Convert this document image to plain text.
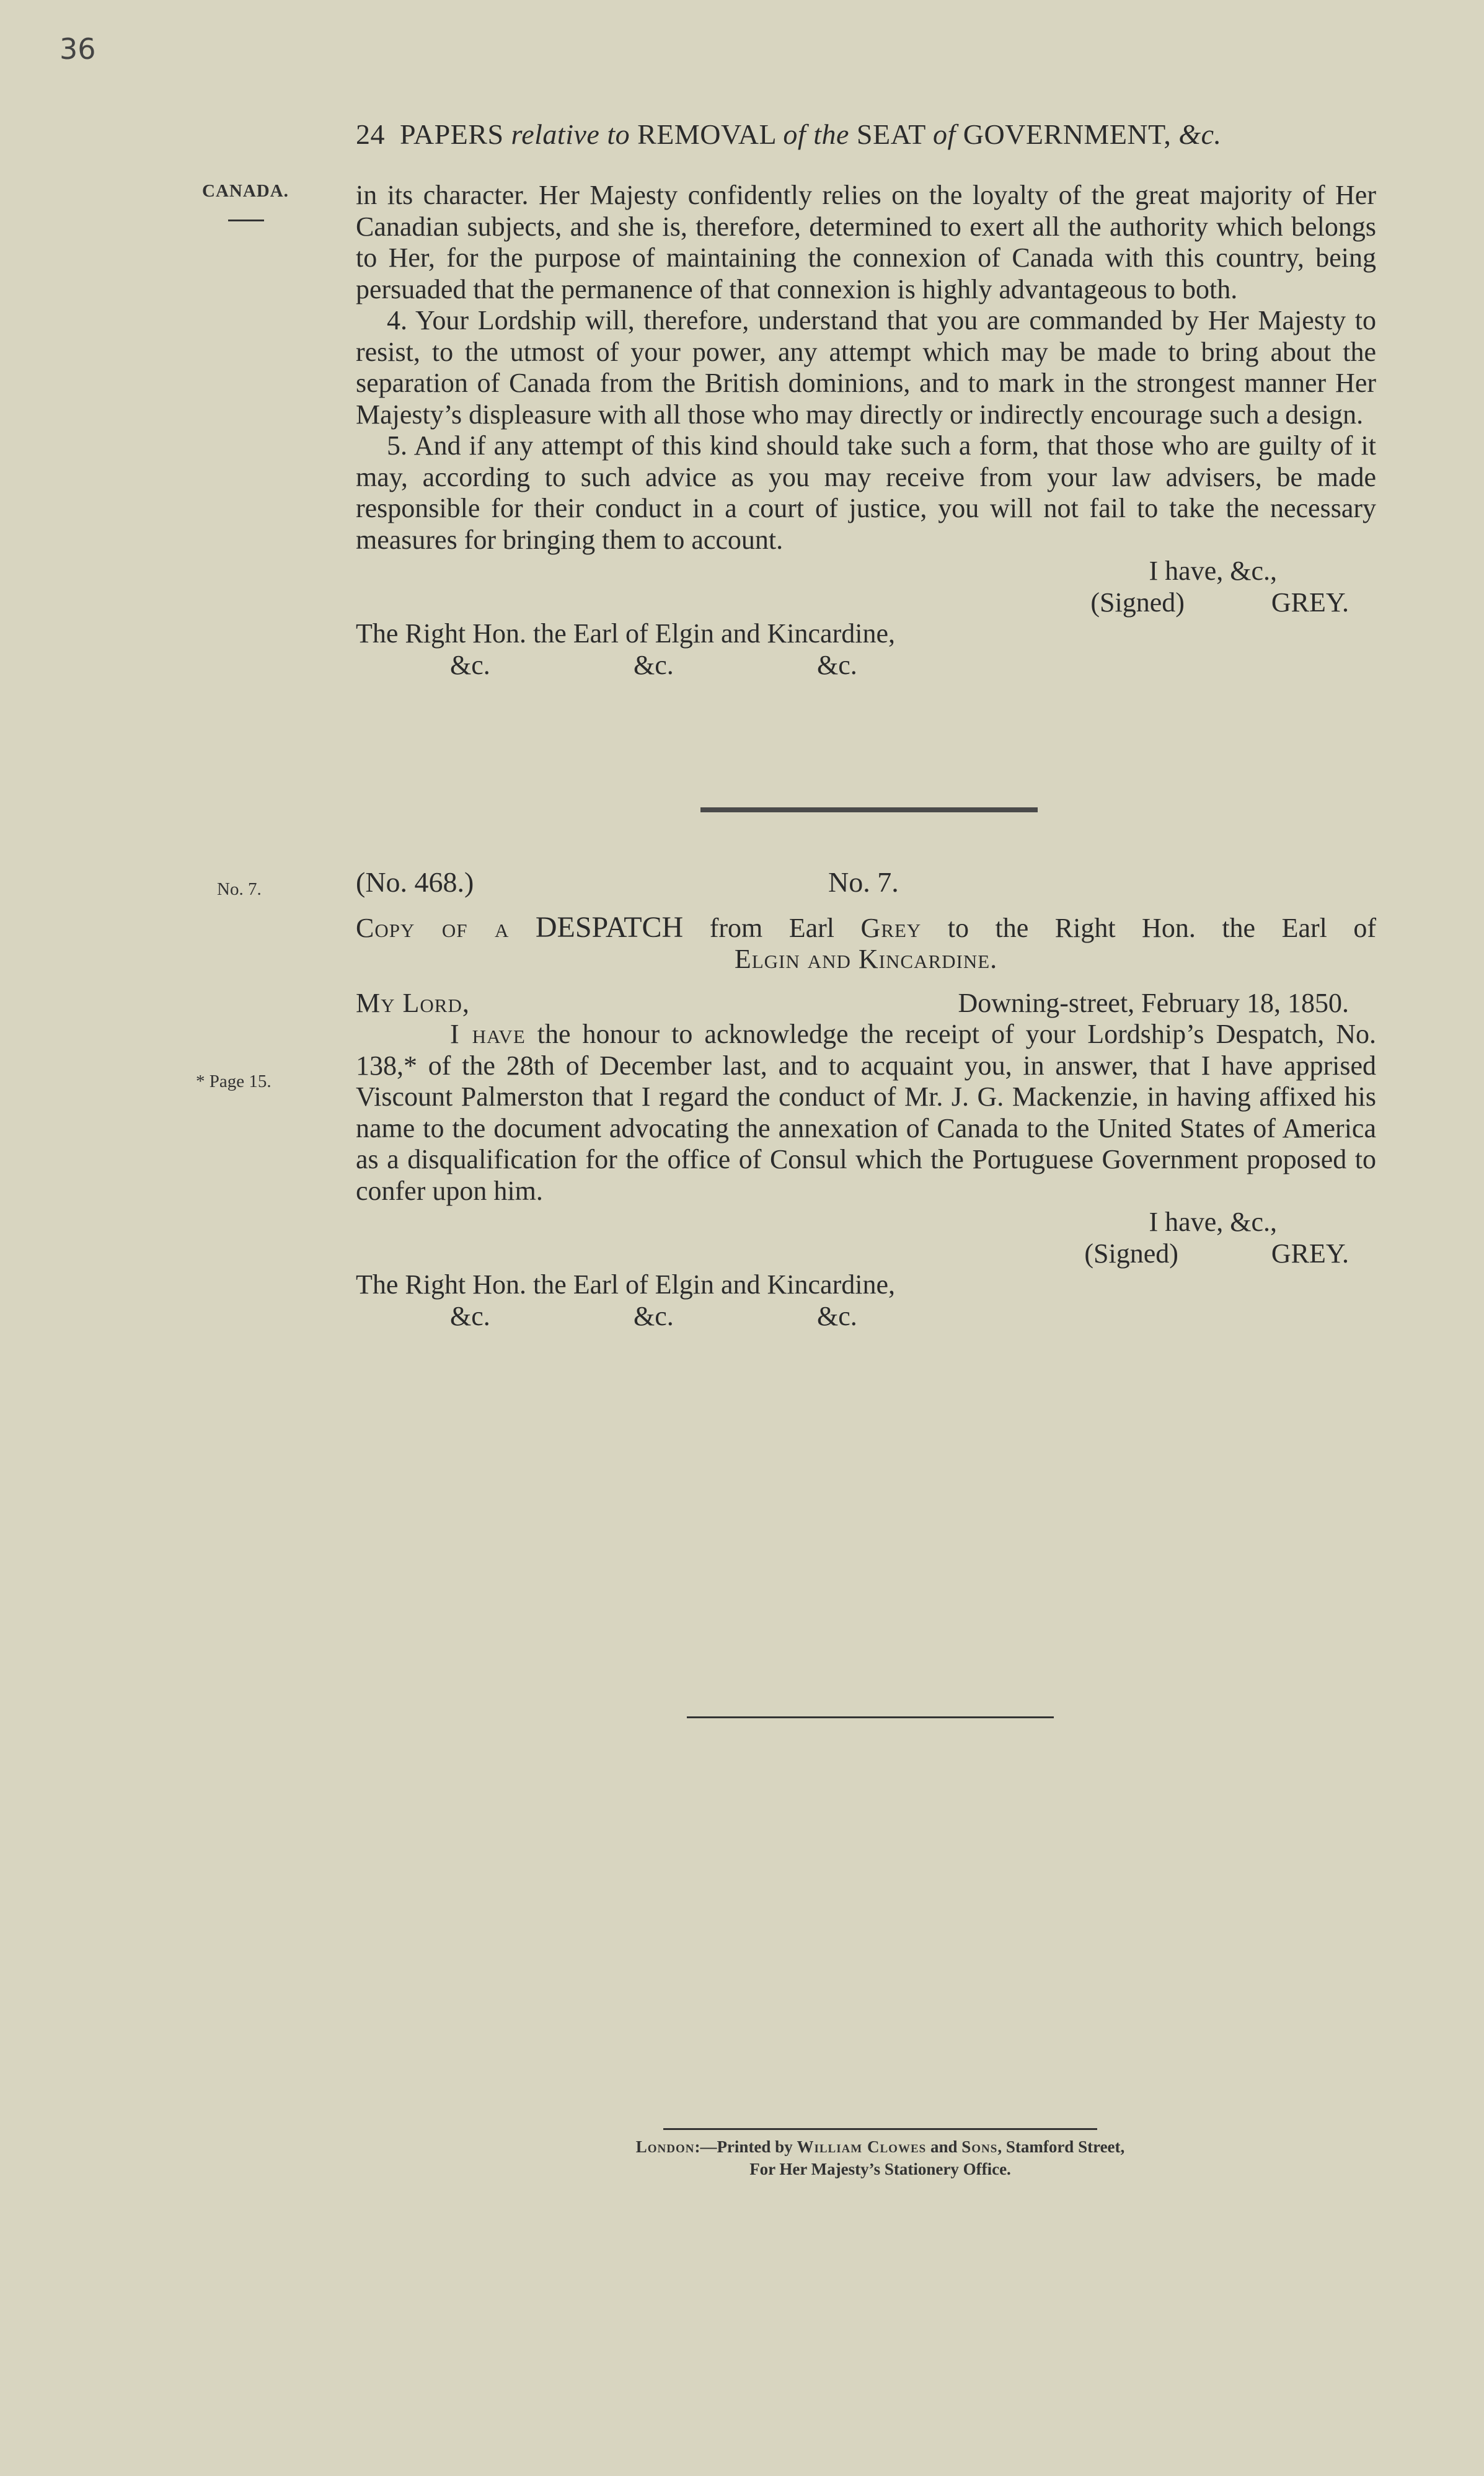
36
24 PAPERS relative to REMOVAL of the SEAT of GOVERNMENT, &c.
CANADA. in its character. Her Majesty confidently relies on the loyalty of the great majority of Her Canadian subjects, and she is, therefore, determined to exert all the authority which belongs to Her, for the purpose of maintaining the connexion of Canada with this country, being persuaded that the permanence of that connexion is highly advantageous to both.

4. Your Lordship will, therefore, understand that you are commanded by Her Majesty to resist, to the utmost of your power, any attempt which may be made to bring about the separation of Canada from the British dominions, and to mark in the strongest manner Her Majesty’s displeasure with all those who may directly or indirectly encourage such a design.

5. And if any attempt of this kind should take such a form, that those who are guilty of it may, according to such advice as you may receive from your law advisers, be made responsible for their conduct in a court of justice, you will not fail to take the necessary measures for bringing them to account.

I have, &c.,

(Signed)	GREY.

The Right Hon. the Earl of Elgin and Kincardine,

&c.	&c.	&c.
No. 7.
* Page 15.
(No. 468.)	No. 7.

Copy of a DESPATCH from Earl Grey to the Right Hon. the Earl of

Elgin and Kincardine.

My Lord,	Downing-street, February 18, 1850.

I have the honour to acknowledge the receipt of your Lordship’s Despatch, No. 138,* of the 28th of December last, and to acquaint you, in answer, that I have apprised Viscount Palmerston that I regard the conduct of Mr. J. G. Mackenzie, in having affixed his name to the document advocating the annexation of Canada to the United States of America as a disqualification for the office of Consul which the Portuguese Government proposed to confer upon him.

I have, &c.,

(Signed)	GREY.

The Right Hon. the Earl of Elgin and Kincardine,

&c.	&c.	&c.
London:—Printed by William Clowes and Sons, Stamford Street,
For Her Majesty’s Stationery Office.
